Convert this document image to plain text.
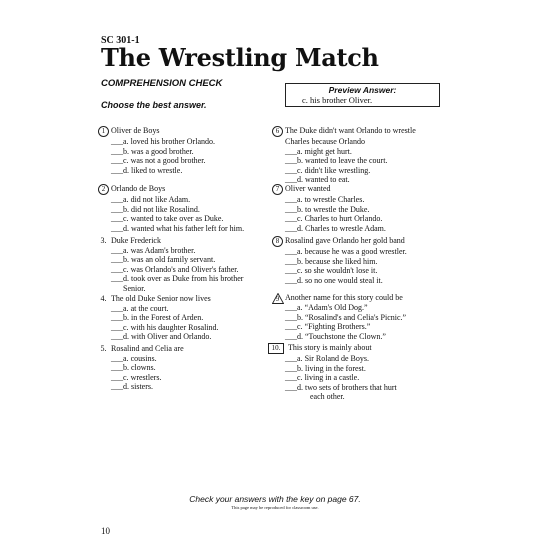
SC 301-1
The Wrestling Match
COMPREHENSION CHECK
Choose the best answer.
Preview Answer:
c. his brother Oliver.
1 Oliver de Boys
___a. loved his brother Orlando.
___b. was a good brother.
___c. was not a good brother.
___d. liked to wrestle.
2 Orlando de Boys
___a. did not like Adam.
___b. did not like Rosalind.
___c. wanted to take over as Duke.
___d. wanted what his father left for him.
3. Duke Frederick
___a. was Adam's brother.
___b. was an old family servant.
___c. was Orlando's and Oliver's father.
___d. took over as Duke from his brother
Senior.
4. The old Duke Senior now lives
___a. at the court.
___b. in the Forest of Arden.
___c. with his daughter Rosalind.
___d. with Oliver and Orlando.
5. Rosalind and Celia are
___a. cousins.
___b. clowns.
___c. wrestlers.
___d. sisters.
6 The Duke didn't want Orlando to wrestle
Charles because Orlando
___a. might get hurt.
___b. wanted to leave the court.
___c. didn't like wrestling.
___d. wanted to eat.
7 Oliver wanted
___a. to wrestle Charles.
___b. to wrestle the Duke.
___c. Charles to hurt Orlando.
___d. Charles to wrestle Adam.
8 Rosalind gave Orlando her gold band
___a. because he was a good wrestler.
___b. because she liked him.
___c. so she wouldn't lose it.
___d. so no one would steal it.
9 Another name for this story could be
___a. “Adam's Old Dog.”
___b. “Rosalind's and Celia's Picnic.”
___c. “Fighting Brothers.”
___d. “Touchstone the Clown.”
10. This story is mainly about
___a. Sir Roland de Boys.
___b. living in the forest.
___c. living in a castle.
___d. two sets of brothers that hurt
each other.
Check your answers with the key on page 67.
This page may be reproduced for classroom use.
10
